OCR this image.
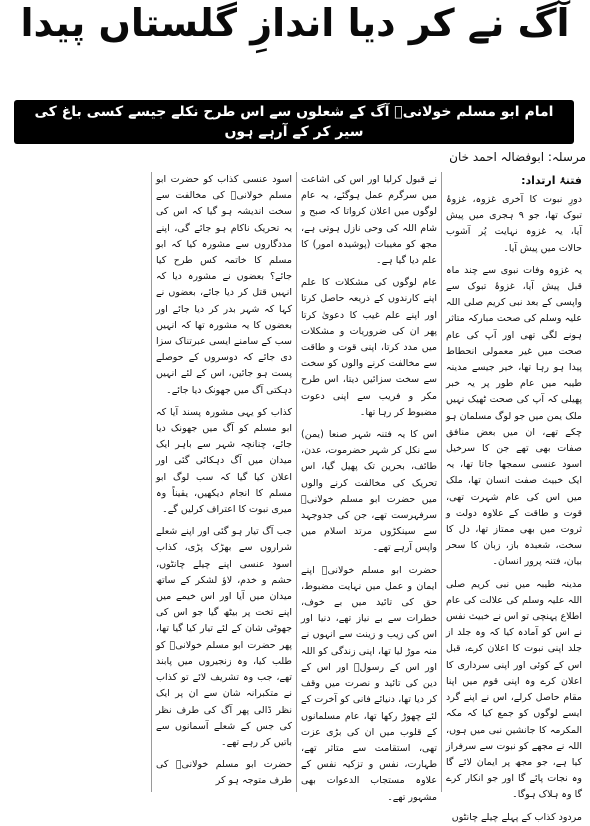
آگ نے کر دیا اندازِ گلستاں پیدا
امام ابو مسلم خولانیؒ آگ کے شعلوں سے اس طرح نکلے جیسے کسی باغ کی سیر کر کے آرہے ہوں
مرسلہ: ابوفضالہ احمد خان
فتنۂ ارتداد:

دورِ نبوت کا آخری غزوہ، غزوۂ تبوک تھا، جو ۹ ہجری میں پیش آیا، یہ غزوہ نہایت پُر آشوب حالات میں پیش آیا۔

یہ غزوہ وفات نبوی سے چند ماہ قبل پیش آیا، غزوۂ تبوک سے واپسی کے بعد نبی کریم صلی اللہ علیہ وسلم کی صحت مبارکہ متاثر ہونے لگی تھی اور آپ کی عام صحت میں غیر معمولی انحطاط پیدا ہو رہا تھا، خیر جیسے مدینہ طیبہ میں عام طور پر یہ خبر پھیلی کہ آپ کی صحت ٹھیک نہیں ملک یمن میں جو لوگ مسلمان ہو چکے تھے، ان میں بعض منافق صفات بھی تھے جن کا سرخیل اسود عنسی سمجھا جاتا تھا، یہ ایک خبیث صفت انسان تھا، ملک میں اس کی عام شہرت تھی، قوت و طاقت کے علاوہ دولت و ثروت میں بھی ممتاز تھا، دل کا سخت، شعبدہ باز، زبان کا سحر بیان، فتنہ پرور انسان۔

مدینہ طیبہ میں نبی کریم صلی اللہ علیہ وسلم کی علالت کی عام اطلاع پہنچی تو اس نے خبیث نفس نے اس کو آمادہ کیا کہ وہ جلد از جلد اپنی نبوت کا اعلان کرے، قبل اس کے کوئی اور اپنی سرداری کا اعلان کرے وہ اپنی قوم میں اپنا مقام حاصل کرلے، اس نے اپنے گرد ایسے لوگوں کو جمع کیا کہ مکہ المکرمہ کا جانشین نبی میں ہوں، اللہ نے مجھے کو نبوت سے سرفراز کیا ہے، جو مجھ پر ایمان لائے گا وہ نجات پائے گا اور جو انکار کرے گا وہ ہلاک ہوگا۔

مردود کذاب کے پہلے چیلے چانٹوں

نے قبول کرلیا اور اس کی اشاعت میں سرگرم عمل ہوگئے، یہ عام لوگوں میں اعلان کرواتا کہ صبح و شام اللہ کی وحی نازل ہوتی ہے، مجھ کو مغیبات (پوشیدہ امور) کا علم دیا گیا ہے۔

عام لوگوں کی مشکلات کا علم اپنے کارندوں کے ذریعہ حاصل کرتا اور اپنے علم غیب کا دعویٰ کرتا پھر ان کی ضروریات و مشکلات میں مدد کرتا، اپنی قوت و طاقت سے مخالفت کرنے والوں کو سخت سے سخت سزائیں دیتا، اس طرح مکر و فریب سے اپنی دعوت مضبوط کر رہا تھا۔

اس کا یہ فتنہ شہر صنعا (یمن) سے نکل کر شہر حضرموت، عدن، طائف، بحرین تک پھیل گیا، اس تحریک کی مخالفت کرنے والوں میں حضرت ابو مسلم خولانیؒ سرفہرست تھے، جن کی جدوجہد سے سینکڑوں مرتد اسلام میں واپس آرہے تھے۔

حضرت ابو مسلم خولانیؒ اپنے ایمان و عمل میں نہایت مضبوط، حق کی تائید میں بے خوف، خطرات سے بے نیاز تھے، دنیا اور اس کی زیب و زینت سے انہوں نے منہ موڑ لیا تھا، اپنی زندگی کو اللہ اور اس کے رسولؐ اور اس کے دین کی تائید و نصرت میں وقف کر دیا تھا، دنیائے فانی کو آخرت کے لئے چھوڑ رکھا تھا، عام مسلمانوں کے قلوب میں ان کی بڑی عزت تھی، استقامت سے متاثر تھے، طہارت، نفس و تزکیہ نفس کے علاوہ مستجاب الدعوات بھی مشہور تھے۔

اسود عنسی کذاب کو حضرت ابو مسلم خولانیؒ کی مخالفت سے سخت اندیشہ ہو گیا کہ اس کی یہ تحریک ناکام ہو جائے گی، اپنے مددگاروں سے مشورہ کیا کہ ابو مسلم کا خاتمہ کس طرح کیا جائے؟ بعضوں نے مشورہ دیا کہ انہیں قتل کر دیا جائے، بعضوں نے کہا کہ شہر بدر کر دیا جائے اور بعضوں کا یہ مشورہ تھا کہ انہیں سب کے سامنے ایسی عبرتناک سزا دی جائے کہ دوسروں کے حوصلے پست ہو جائیں، اس کے لئے انہیں دہکتی آگ میں جھونک دیا جائے۔

کذاب کو یہی مشورہ پسند آیا کہ ابو مسلم کو آگ میں جھونک دیا جائے، چنانچہ شہر سے باہر ایک میدان میں آگ دہکائی گئی اور اعلان کیا گیا کہ سب لوگ ابو مسلم کا انجام دیکھیں، یقیناً وہ میری نبوت کا اعتراف کرلیں گے۔

جب آگ تیار ہو گئی اور اپنے شعلے شراروں سے بھڑک پڑی، کذاب اسود عنسی اپنے چیلے چانٹوں، حشم و خدم، لاؤ لشکر کے ساتھ میدان میں آیا اور اس خیمے میں اپنے تخت پر بیٹھ گیا جو اس کی جھوٹی شان کے لئے تیار کیا گیا تھا، پھر حضرت ابو مسلم خولانیؒ کو طلب کیا، وہ زنجیروں میں پابند تھے، جب وہ تشریف لائے تو کذاب نے متکبرانہ شان سے ان پر ایک نظر ڈالی پھر آگ کی طرف نظر کی جس کے شعلے آسمانوں سے باتیں کر رہے تھے۔

حضرت ابو مسلم خولانیؒ کی طرف متوجہ ہو کر
